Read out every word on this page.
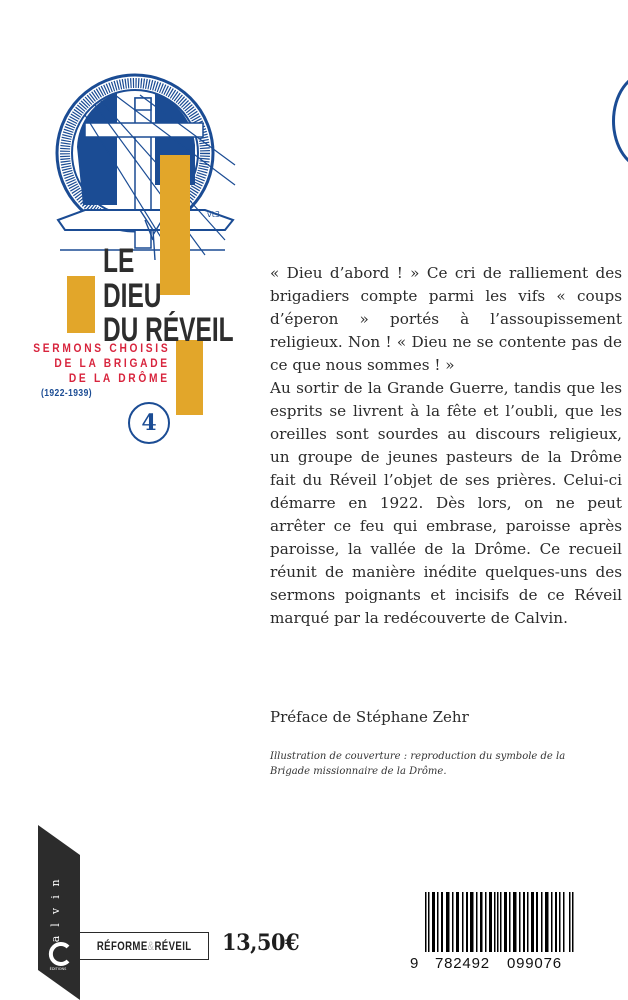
vt3
LE
DIEU
DU RÉVEIL
SERMONS CHOISIS
DE LA BRIGADE
DE LA DRÔME
(1922-1939)
4

« Dieu d’abord ! » Ce cri de ralliement des brigadiers compte parmi les vifs « coups d’éperon » portés à l’assoupissement religieux. Non ! « Dieu ne se contente pas de ce que nous sommes ! »

Au sortir de la Grande Guerre, tandis que les esprits se livrent à la fête et l’oubli, que les oreilles sont sourdes au discours religieux, un groupe de jeunes pasteurs de la Drôme fait du Réveil l’objet de ses prières. Celui-ci démarre en 1922. Dès lors, on ne peut arrêter ce feu qui embrase, paroisse après paroisse, la vallée de la Drôme. Ce recueil réunit de manière inédite quelques-uns des sermons poignants et incisifs de ce Réveil marqué par la redécouverte de Calvin.

Préface de Stéphane Zehr
Illustration de couverture : reproduction du symbole de la Brigade missionnaire de la Drôme.
n
i
v
l
a
ÉDITIONS
RÉFORME&RÉVEIL 13,50€
9 782492 099076
